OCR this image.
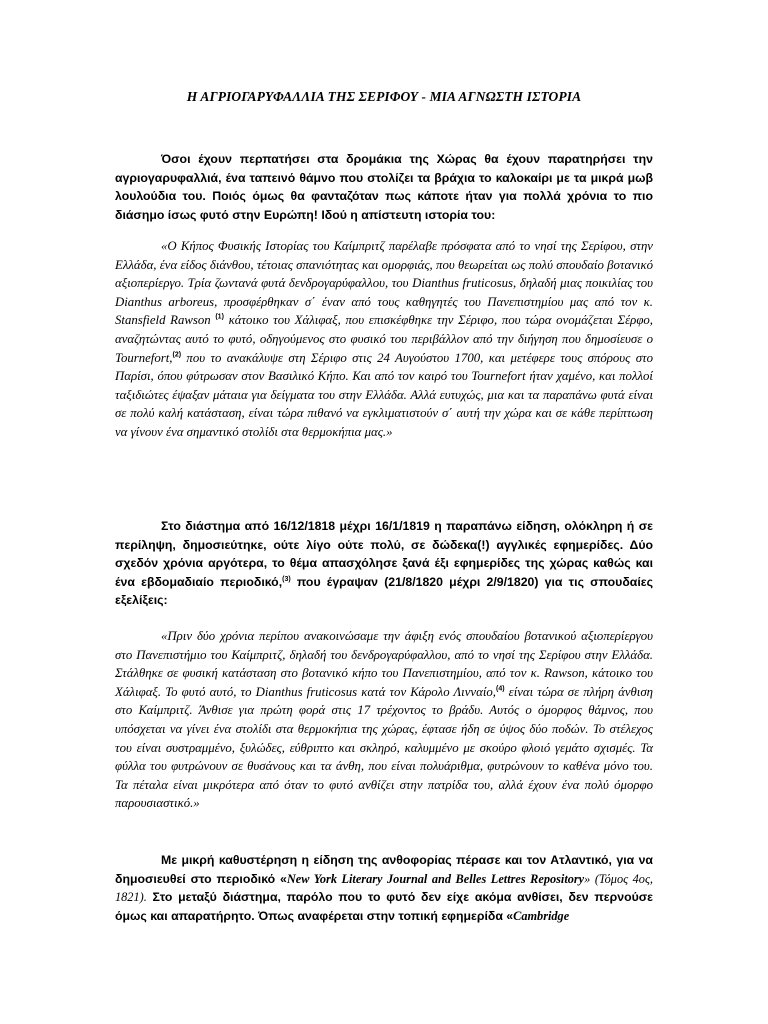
Η ΑΓΡΙΟΓΑΡΥΦΑΛΛΙΑ ΤΗΣ ΣΕΡΙΦΟΥ - ΜΙΑ ΑΓΝΩΣΤΗ ΙΣΤΟΡΙΑ

Όσοι έχουν περπατήσει στα δρομάκια της Χώρας θα έχουν παρατηρήσει την αγριογαρυφαλλιά, ένα ταπεινό θάμνο που στολίζει τα βράχια το καλοκαίρι με τα μικρά μωβ λουλούδια του. Ποιός όμως θα φανταζόταν πως κάποτε ήταν για πολλά χρόνια το πιο διάσημο ίσως φυτό στην Ευρώπη! Ιδού η απίστευτη ιστορία του:

«Ο Κήπος Φυσικής Ιστορίας του Καίμπριτζ παρέλαβε πρόσφατα από το νησί της Σερίφου, στην Ελλάδα, ένα είδος διάνθου, τέτοιας σπανιότητας και ομορφιάς, που θεωρείται ως πολύ σπουδαίο βοτανικό αξιοπερίεργο. Τρία ζωντανά φυτά δενδρογαρύφαλλου, του Dianthus fruticosus, δηλαδή μιας ποικιλίας του Dianthus arboreus, προσφέρθηκαν σ΄ έναν από τους καθηγητές του Πανεπιστημίου μας από τον κ. Stansfield Rawson $^{(1)}$ κάτοικο του Χάλιφαξ, που επισκέφθηκε την Σέριφο, που τώρα ονομάζεται Σέρφο, αναζητώντας αυτό το φυτό, οδηγούμενος στο φυσικό του περιβάλλον από την διήγηση που δημοσίευσε ο Tournefort,$^{(2)}$ που το ανακάλυψε στη Σέριφο στις 24 Αυγούστου 1700, και μετέφερε τους σπόρους στο Παρίσι, όπου φύτρωσαν στον Βασιλικό Κήπο. Και από τον καιρό του Tournefort ήταν χαμένο, και πολλοί ταξιδιώτες έψαξαν μάταια για δείγματα του στην Ελλάδα. Αλλά ευτυχώς, μια και τα παραπάνω φυτά είναι σε πολύ καλή κατάσταση, είναι τώρα πιθανό να εγκλιματιστούν σ΄ αυτή την χώρα και σε κάθε περίπτωση να γίνουν ένα σημαντικό στολίδι στα θερμοκήπια μας.»

Στο διάστημα από 16/12/1818 μέχρι 16/1/1819 η παραπάνω είδηση, ολόκληρη ή σε περίληψη, δημοσιεύτηκε, ούτε λίγο ούτε πολύ, σε δώδεκα(!) αγγλικές εφημερίδες. Δύο σχεδόν χρόνια αργότερα, το θέμα απασχόλησε ξανά έξι εφημερίδες της χώρας καθώς και ένα εβδομαδιαίο περιοδικό,$^{(3)}$ που έγραψαν (21/8/1820 μέχρι 2/9/1820) για τις σπουδαίες εξελίξεις:

«Πριν δύο χρόνια περίπου ανακοινώσαμε την άφιξη ενός σπουδαίου βοτανικού αξιοπερίεργου στο Πανεπιστήμιο του Καίμπριτζ, δηλαδή του δενδρογαρύφαλλου, από το νησί της Σερίφου στην Ελλάδα. Στάλθηκε σε φυσική κατάσταση στο βοτανικό κήπο του Πανεπιστημίου, από τον κ. Rawson, κάτοικο του Χάλιφαξ. Το φυτό αυτό, το Dianthus fruticosus κατά τον Κάρολο Λινναίο,$^{(4)}$ είναι τώρα σε πλήρη άνθιση στο Καίμπριτζ. Άνθισε για πρώτη φορά στις 17 τρέχοντος το βράδυ. Αυτός ο όμορφος θάμνος, που υπόσχεται να γίνει ένα στολίδι στα θερμοκήπια της χώρας, έφτασε ήδη σε ύψος δύο ποδών. Το στέλεχος του είναι συστραμμένο, ξυλώδες, εύθριπτο και σκληρό, καλυμμένο με σκούρο φλοιό γεμάτο σχισμές. Τα φύλλα του φυτρώνουν σε θυσάνους και τα άνθη, που είναι πολυάριθμα, φυτρώνουν το καθένα μόνο του. Τα πέταλα είναι μικρότερα από όταν το φυτό ανθίζει στην πατρίδα του, αλλά έχουν ένα πολύ όμορφο παρουσιαστικό.»

Με μικρή καθυστέρηση η είδηση της ανθοφορίας πέρασε και τον Ατλαντικό, για να δημοσιευθεί στο περιοδικό «New York Literary Journal and Belles Lettres Repository» (Τόμος 4ος, 1821). Στο μεταξύ διάστημα, παρόλο που το φυτό δεν είχε ακόμα ανθίσει, δεν περνούσε όμως και απαρατήρητο. Όπως αναφέρεται στην τοπική εφημερίδα «Cambridge
